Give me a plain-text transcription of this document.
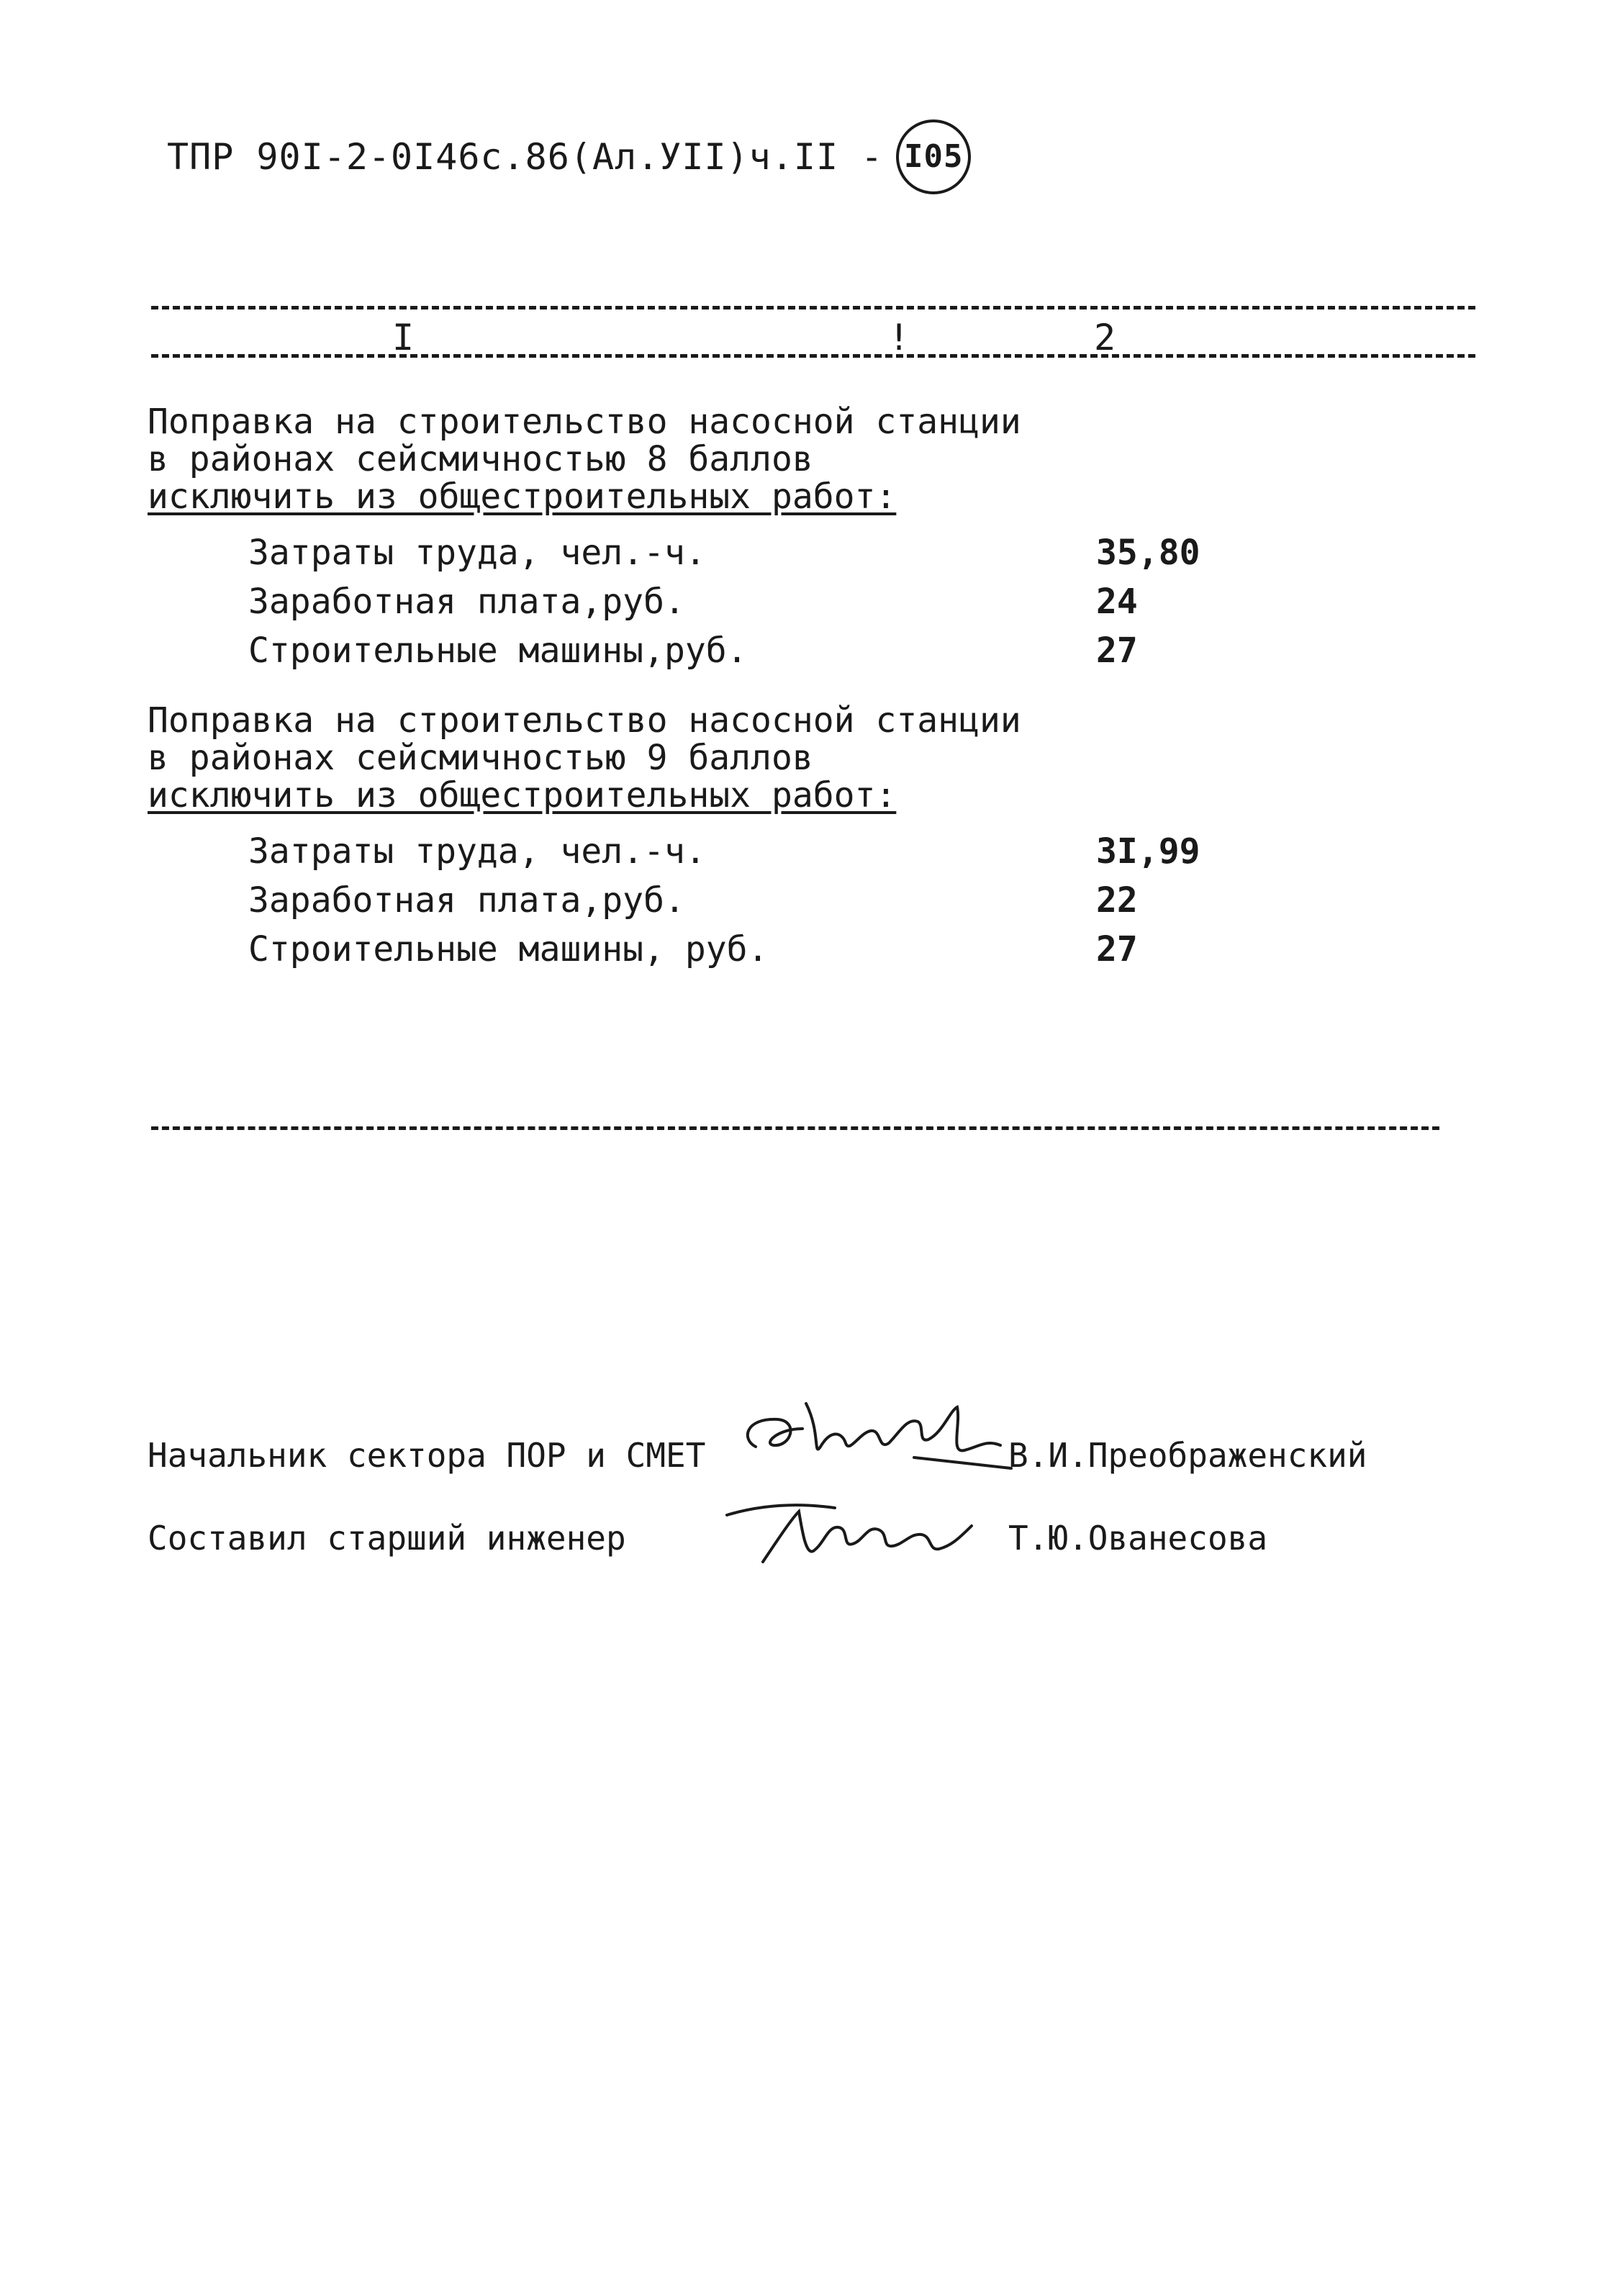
ТПР 90I-2-0I46с.86(Ал.УII)ч.II - I05
I	!	2
Поправка на строительство насосной станции
в районах сейсмичностью 8 баллов
исключить из общестроительных работ:
Затраты труда, чел.-ч.	35,80
Заработная плата,руб.	24
Строительные машины,руб.	27
Поправка на строительство насосной станции
в районах сейсмичностью 9 баллов
исключить из общестроительных работ:
Затраты труда, чел.-ч.	3I,99
Заработная плата,руб.	22
Строительные машины, руб.	27
Начальник сектора ПОР и СМЕТ	В.И.Преображенский
Составил старший инженер	Т.Ю.Ованесова
